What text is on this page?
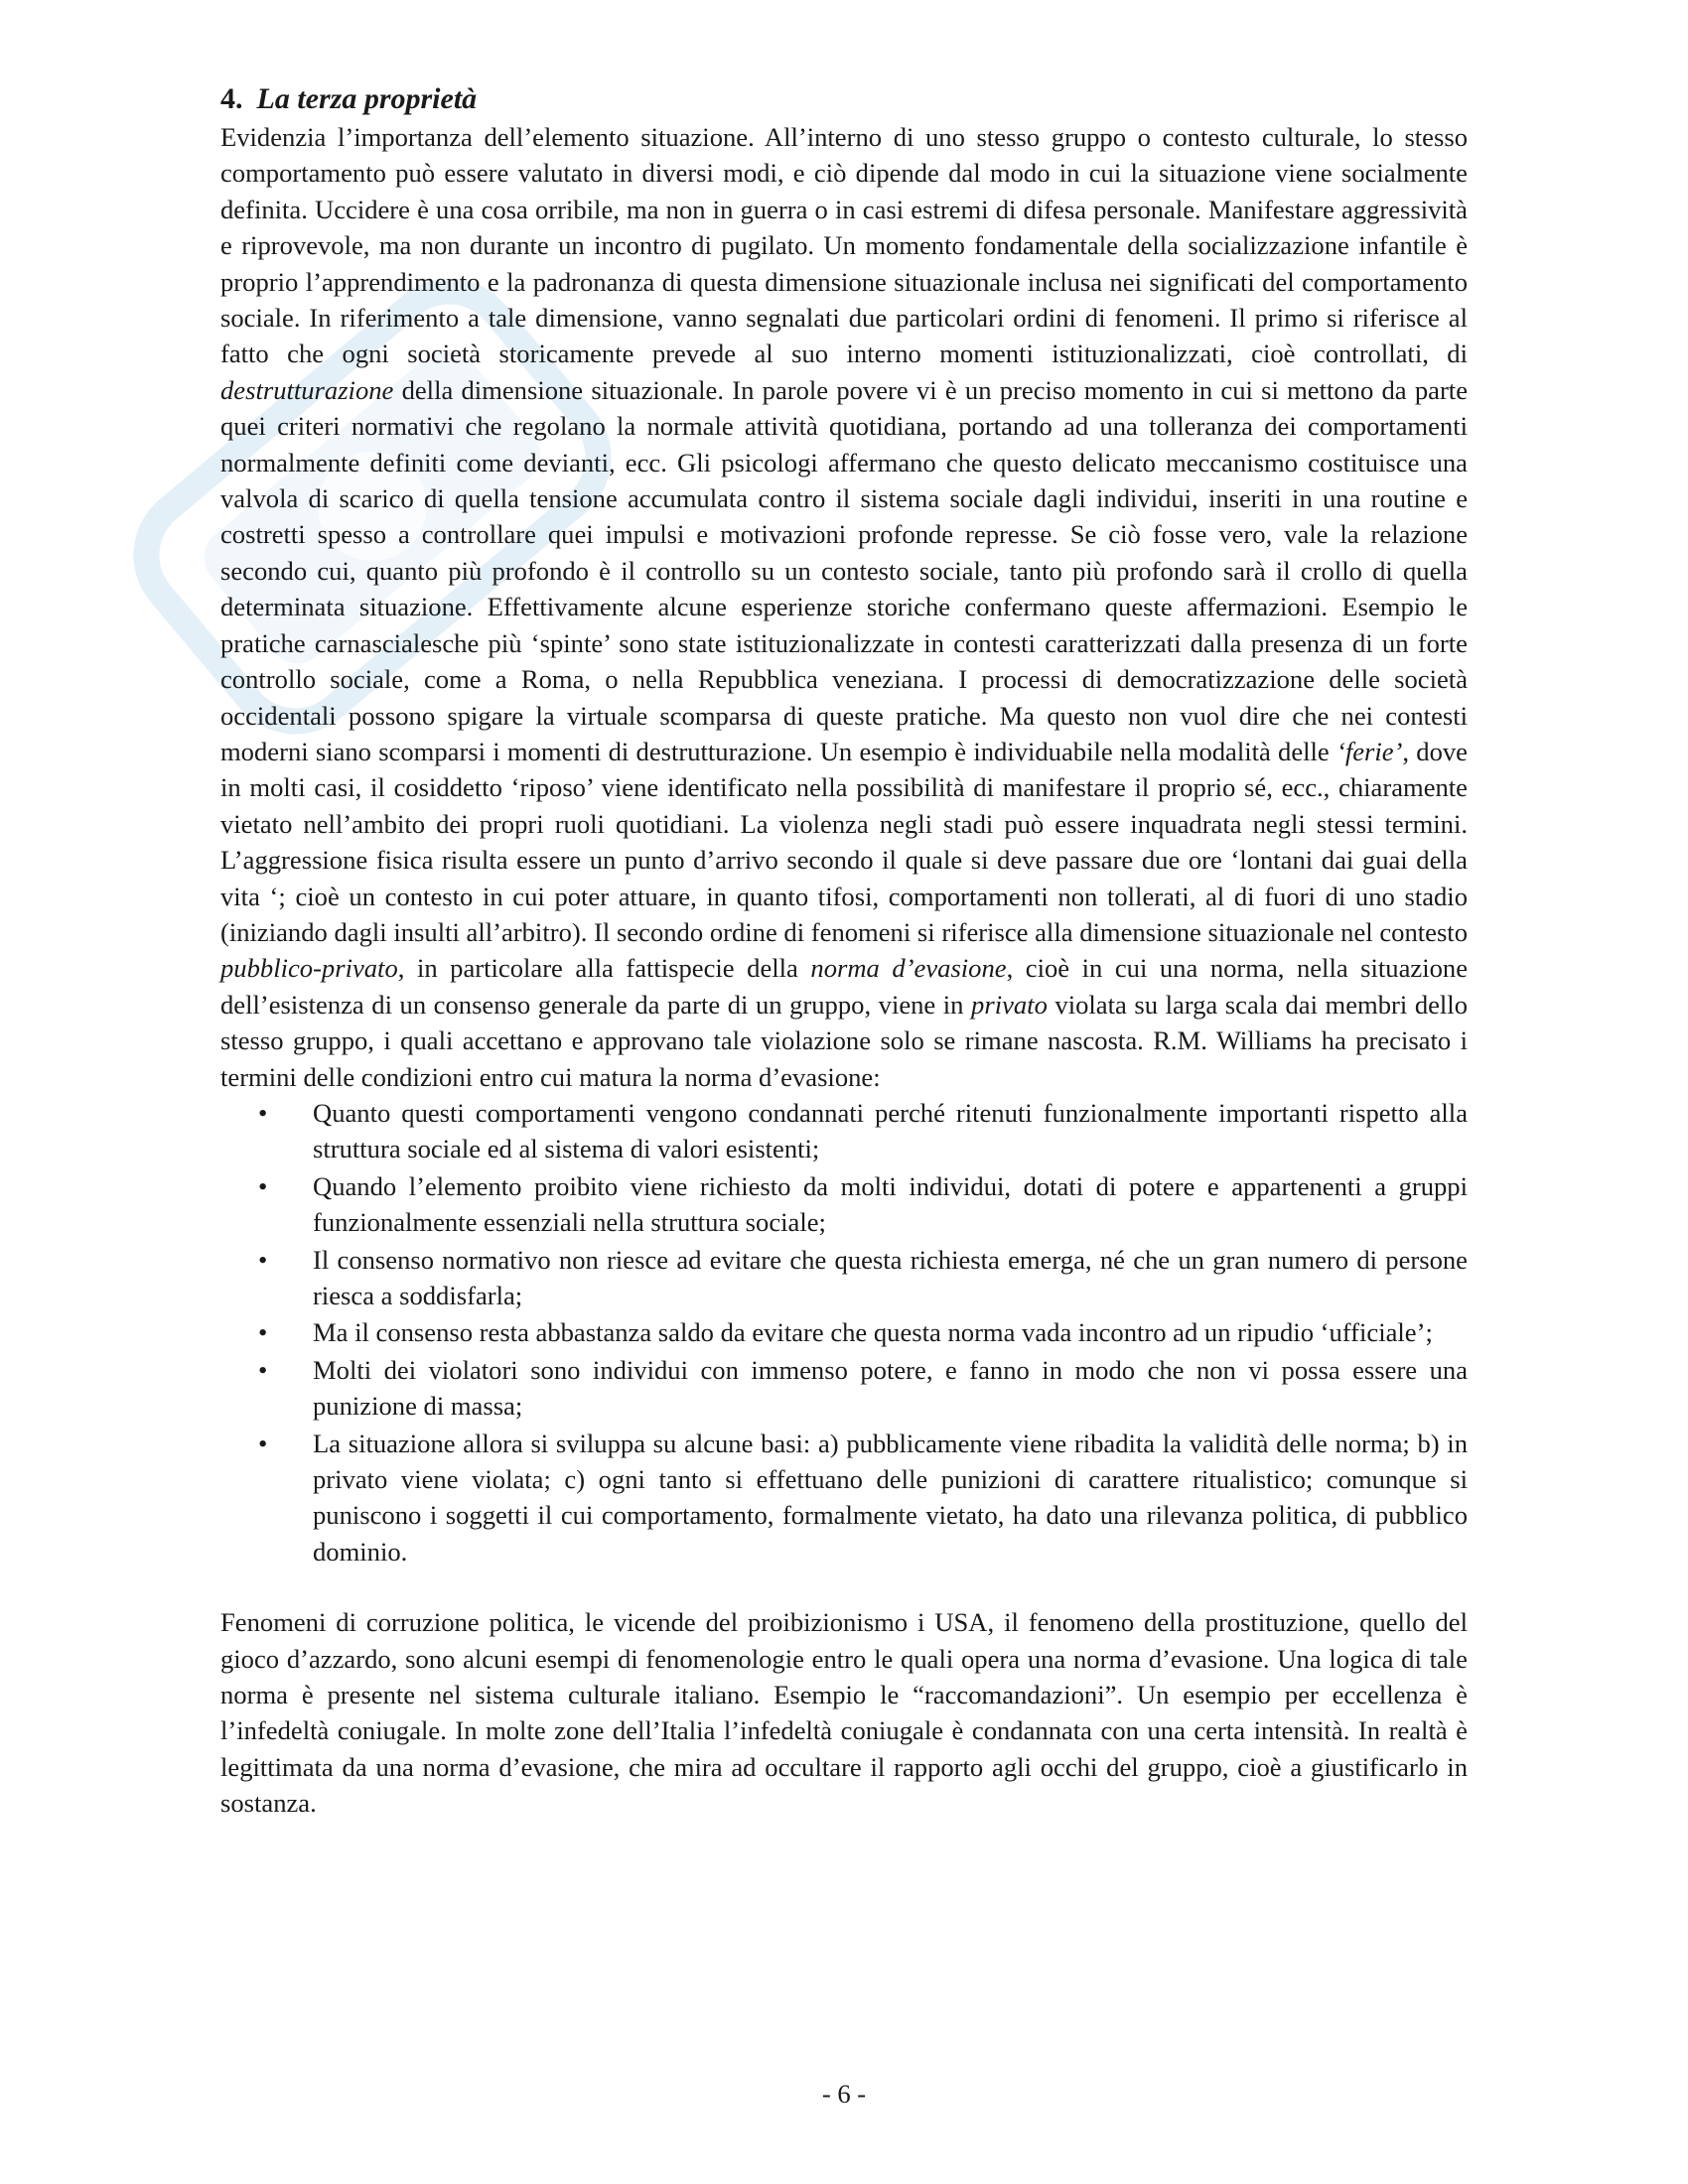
4. La terza proprietà

Evidenzia l’importanza dell’elemento situazione. All’interno di uno stesso gruppo o contesto culturale, lo stesso comportamento può essere valutato in diversi modi, e ciò dipende dal modo in cui la situazione viene socialmente definita. Uccidere è una cosa orribile, ma non in guerra o in casi estremi di difesa personale. Manifestare aggressività e riprovevole, ma non durante un incontro di pugilato. Un momento fondamentale della socializzazione infantile è proprio l’apprendimento e la padronanza di questa dimensione situazionale inclusa nei significati del comportamento sociale. In riferimento a tale dimensione, vanno segnalati due particolari ordini di fenomeni. Il primo si riferisce al fatto che ogni società storicamente prevede al suo interno momenti istituzionalizzati, cioè controllati, di destrutturazione della dimensione situazionale. In parole povere vi è un preciso momento in cui si mettono da parte quei criteri normativi che regolano la normale attività quotidiana, portando ad una tolleranza dei comportamenti normalmente definiti come devianti, ecc. Gli psicologi affermano che questo delicato meccanismo costituisce una valvola di scarico di quella tensione accumulata contro il sistema sociale dagli individui, inseriti in una routine e costretti spesso a controllare quei impulsi e motivazioni profonde represse. Se ciò fosse vero, vale la relazione secondo cui, quanto più profondo è il controllo su un contesto sociale, tanto più profondo sarà il crollo di quella determinata situazione. Effettivamente alcune esperienze storiche confermano queste affermazioni. Esempio le pratiche carnascialesche più ‘spinte’ sono state istituzionalizzate in contesti caratterizzati dalla presenza di un forte controllo sociale, come a Roma, o nella Repubblica veneziana. I processi di democratizzazione delle società occidentali possono spigare la virtuale scomparsa di queste pratiche. Ma questo non vuol dire che nei contesti moderni siano scomparsi i momenti di destrutturazione. Un esempio è individuabile nella modalità delle ‘ferie’, dove in molti casi, il cosiddetto ‘riposo’ viene identificato nella possibilità di manifestare il proprio sé, ecc., chiaramente vietato nell’ambito dei propri ruoli quotidiani. La violenza negli stadi può essere inquadrata negli stessi termini. L’aggressione fisica risulta essere un punto d’arrivo secondo il quale si deve passare due ore ‘lontani dai guai della vita ‘; cioè un contesto in cui poter attuare, in quanto tifosi, comportamenti non tollerati, al di fuori di uno stadio (iniziando dagli insulti all’arbitro). Il secondo ordine di fenomeni si riferisce alla dimensione situazionale nel contesto pubblico-privato, in particolare alla fattispecie della norma d’evasione, cioè in cui una norma, nella situazione dell’esistenza di un consenso generale da parte di un gruppo, viene in privato violata su larga scala dai membri dello stesso gruppo, i quali accettano e approvano tale violazione solo se rimane nascosta. R.M. Williams ha precisato i termini delle condizioni entro cui matura la norma d’evasione:

• Quanto questi comportamenti vengono condannati perché ritenuti funzionalmente importanti rispetto alla struttura sociale ed al sistema di valori esistenti;
• Quando l’elemento proibito viene richiesto da molti individui, dotati di potere e appartenenti a gruppi funzionalmente essenziali nella struttura sociale;
• Il consenso normativo non riesce ad evitare che questa richiesta emerga, né che un gran numero di persone riesca a soddisfarla;
• Ma il consenso resta abbastanza saldo da evitare che questa norma vada incontro ad un ripudio ‘ufficiale’;
• Molti dei violatori sono individui con immenso potere, e fanno in modo che non vi possa essere una punizione di massa;
• La situazione allora si sviluppa su alcune basi: a) pubblicamente viene ribadita la validità delle norma; b) in privato viene violata; c) ogni tanto si effettuano delle punizioni di carattere ritualistico; comunque si puniscono i soggetti il cui comportamento, formalmente vietato, ha dato una rilevanza politica, di pubblico dominio.

Fenomeni di corruzione politica, le vicende del proibizionismo i USA, il fenomeno della prostituzione, quello del gioco d’azzardo, sono alcuni esempi di fenomenologie entro le quali opera una norma d’evasione. Una logica di tale norma è presente nel sistema culturale italiano. Esempio le “raccomandazioni”. Un esempio per eccellenza è l’infedeltà coniugale. In molte zone dell’Italia l’infedeltà coniugale è condannata con una certa intensità. In realtà è legittimata da una norma d’evasione, che mira ad occultare il rapporto agli occhi del gruppo, cioè a giustificarlo in sostanza.

- 6 -
